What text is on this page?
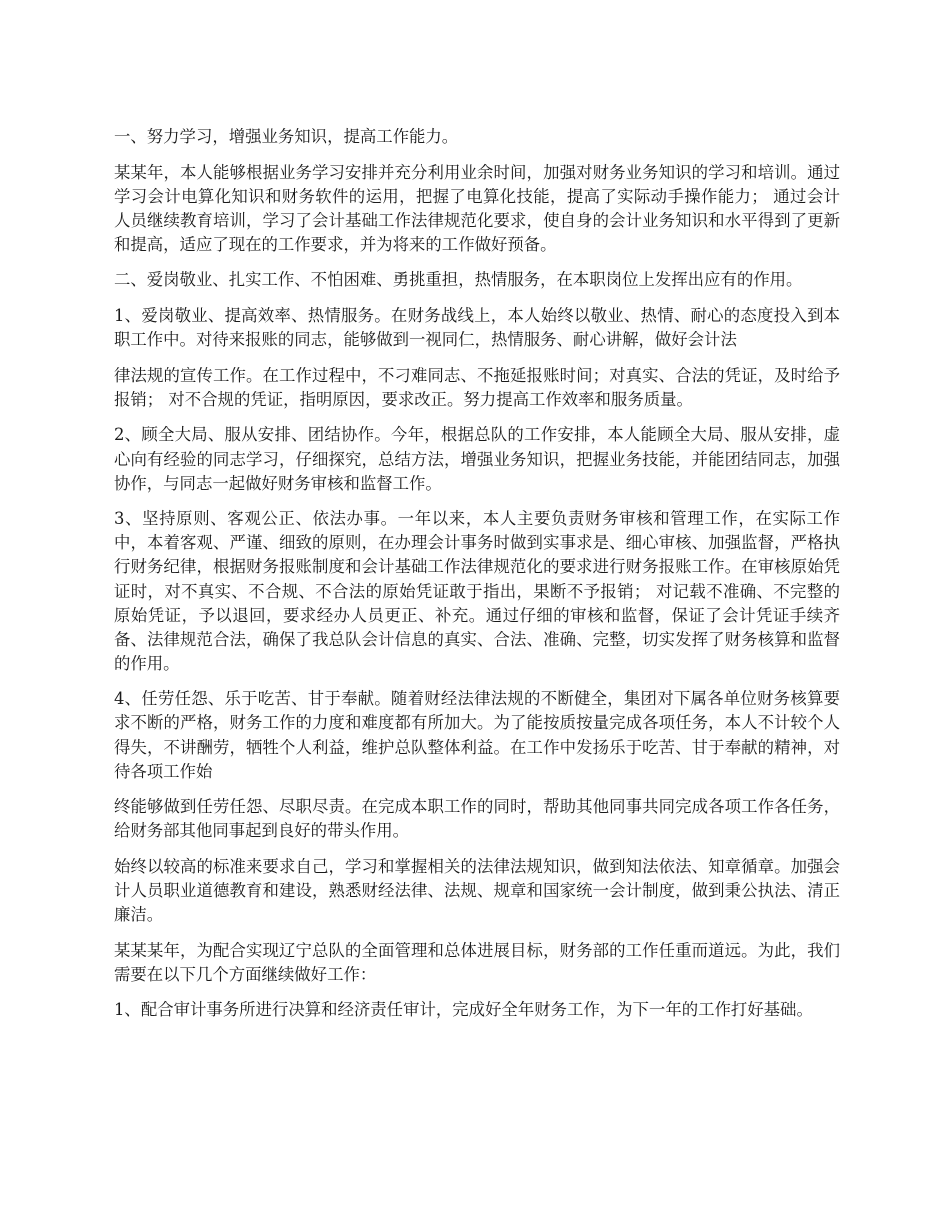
一、努力学习，增强业务知识，提高工作能力。

某某年，本人能够根据业务学习安排并充分利用业余时间，加强对财务业务知识的学习和培训。通过学习会计电算化知识和财务软件的运用，把握了电算化技能，提高了实际动手操作能力； 通过会计人员继续教育培训，学习了会计基础工作法律规范化要求，使自身的会计业务知识和水平得到了更新和提高，适应了现在的工作要求，并为将来的工作做好预备。

二、爱岗敬业、扎实工作、不怕困难、勇挑重担，热情服务，在本职岗位上发挥出应有的作用。

1、爱岗敬业、提高效率、热情服务。在财务战线上，本人始终以敬业、热情、耐心的态度投入到本职工作中。对待来报账的同志，能够做到一视同仁，热情服务、耐心讲解，做好会计法

律法规的宣传工作。在工作过程中，不刁难同志、不拖延报账时间；对真实、合法的凭证，及时给予报销； 对不合规的凭证，指明原因，要求改正。努力提高工作效率和服务质量。

2、顾全大局、服从安排、团结协作。今年，根据总队的工作安排，本人能顾全大局、服从安排，虚心向有经验的同志学习，仔细探究，总结方法，增强业务知识，把握业务技能，并能团结同志，加强协作，与同志一起做好财务审核和监督工作。

3、坚持原则、客观公正、依法办事。一年以来，本人主要负责财务审核和管理工作，在实际工作中，本着客观、严谨、细致的原则，在办理会计事务时做到实事求是、细心审核、加强监督，严格执行财务纪律，根据财务报账制度和会计基础工作法律规范化的要求进行财务报账工作。在审核原始凭证时，对不真实、不合规、不合法的原始凭证敢于指出，果断不予报销； 对记载不准确、不完整的原始凭证，予以退回，要求经办人员更正、补充。通过仔细的审核和监督，保证了会计凭证手续齐备、法律规范合法，确保了我总队会计信息的真实、合法、准确、完整，切实发挥了财务核算和监督的作用。

4、任劳任怨、乐于吃苦、甘于奉献。随着财经法律法规的不断健全，集团对下属各单位财务核算要求不断的严格，财务工作的力度和难度都有所加大。为了能按质按量完成各项任务，本人不计较个人得失，不讲酬劳，牺牲个人利益，维护总队整体利益。在工作中发扬乐于吃苦、甘于奉献的精神，对待各项工作始

终能够做到任劳任怨、尽职尽责。在完成本职工作的同时，帮助其他同事共同完成各项工作各任务，给财务部其他同事起到良好的带头作用。

始终以较高的标准来要求自己，学习和掌握相关的法律法规知识，做到知法依法、知章循章。加强会计人员职业道德教育和建设，熟悉财经法律、法规、规章和国家统一会计制度，做到秉公执法、清正廉洁。

某某某年，为配合实现辽宁总队的全面管理和总体进展目标，财务部的工作任重而道远。为此，我们需要在以下几个方面继续做好工作：

1、配合审计事务所进行决算和经济责任审计，完成好全年财务工作，为下一年的工作打好基础。
